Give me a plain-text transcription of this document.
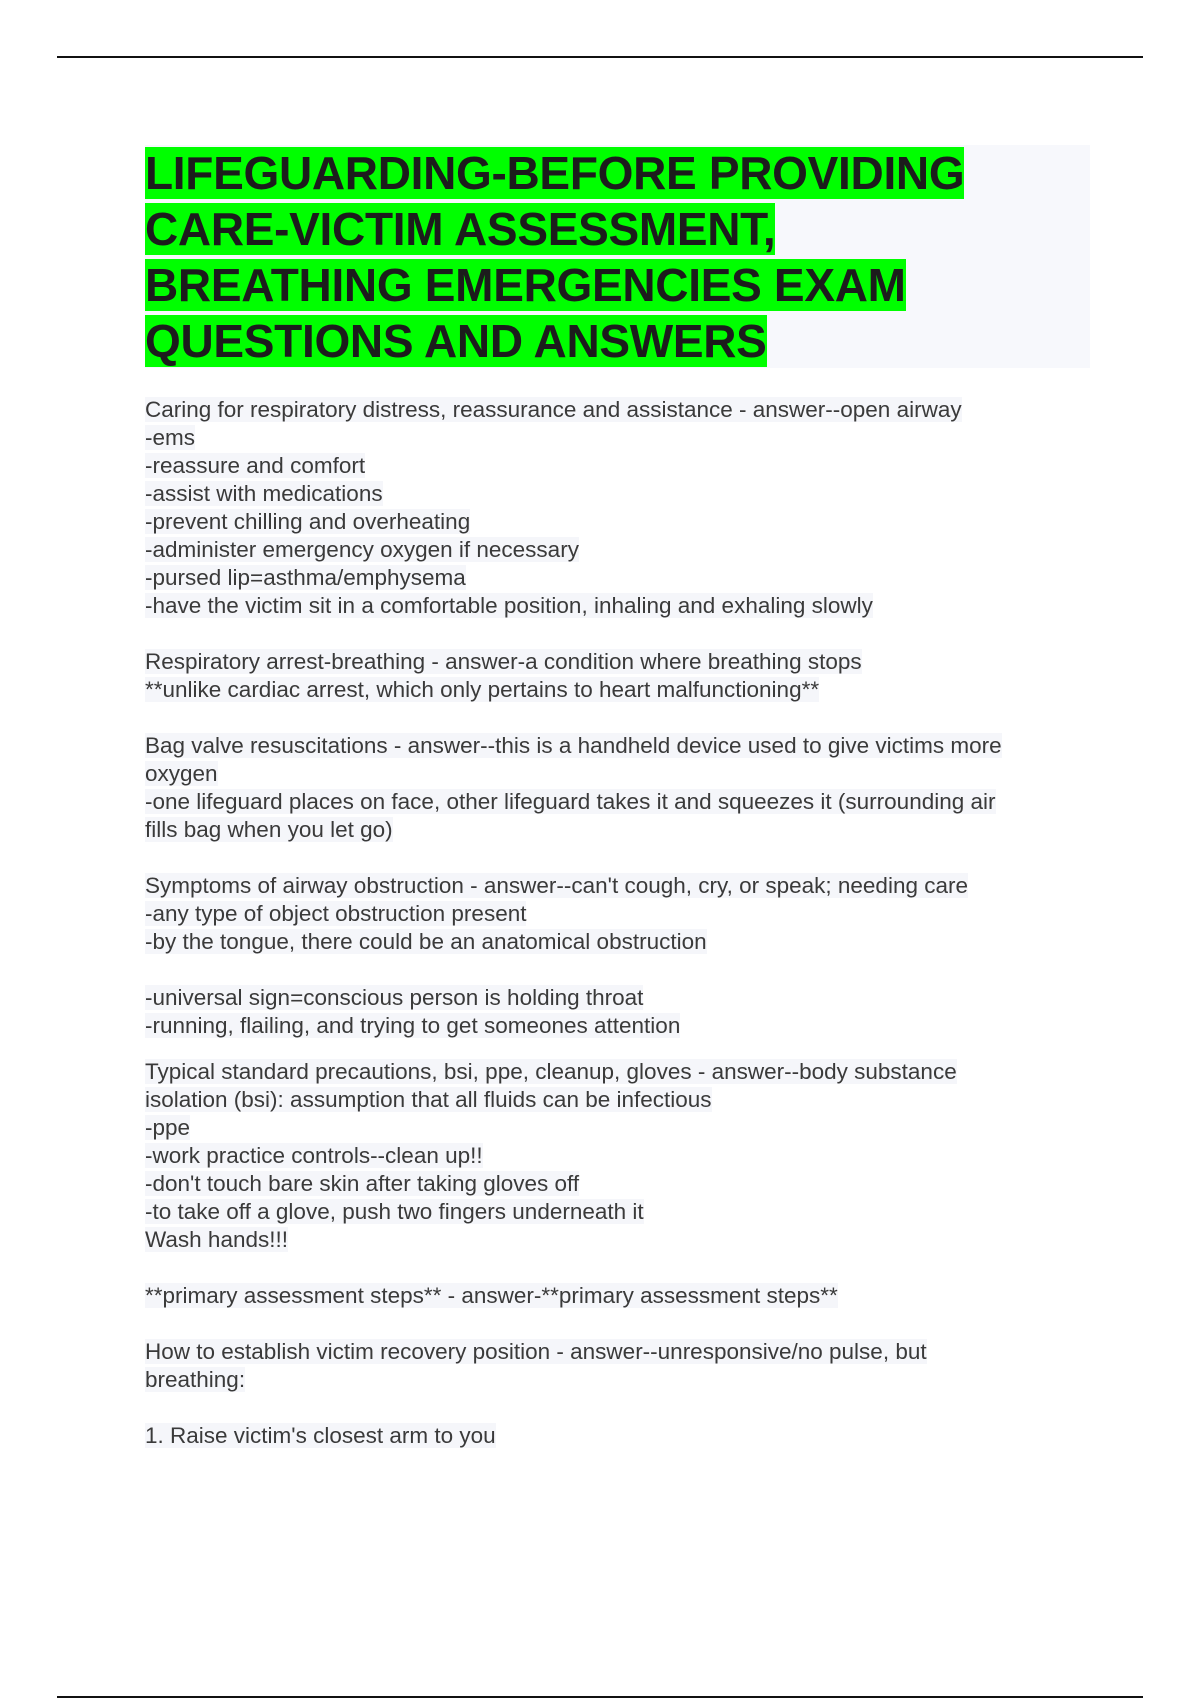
LIFEGUARDING-BEFORE PROVIDING
CARE-VICTIM ASSESSMENT,
BREATHING EMERGENCIES EXAM
QUESTIONS AND ANSWERS
Caring for respiratory distress, reassurance and assistance - answer--open airway
-ems
-reassure and comfort
-assist with medications
-prevent chilling and overheating
-administer emergency oxygen if necessary
-pursed lip=asthma/emphysema
-have the victim sit in a comfortable position, inhaling and exhaling slowly
Respiratory arrest-breathing - answer-a condition where breathing stops
**unlike cardiac arrest, which only pertains to heart malfunctioning**
Bag valve resuscitations - answer--this is a handheld device used to give victims more
oxygen
-one lifeguard places on face, other lifeguard takes it and squeezes it (surrounding air
fills bag when you let go)
Symptoms of airway obstruction - answer--can't cough, cry, or speak; needing care
-any type of object obstruction present
-by the tongue, there could be an anatomical obstruction
-universal sign=conscious person is holding throat
-running, flailing, and trying to get someones attention
Typical standard precautions, bsi, ppe, cleanup, gloves - answer--body substance
isolation (bsi): assumption that all fluids can be infectious
-ppe
-work practice controls--clean up!!
-don't touch bare skin after taking gloves off
-to take off a glove, push two fingers underneath it
Wash hands!!!
**primary assessment steps** - answer-**primary assessment steps**
How to establish victim recovery position - answer--unresponsive/no pulse, but
breathing:
1. Raise victim's closest arm to you
